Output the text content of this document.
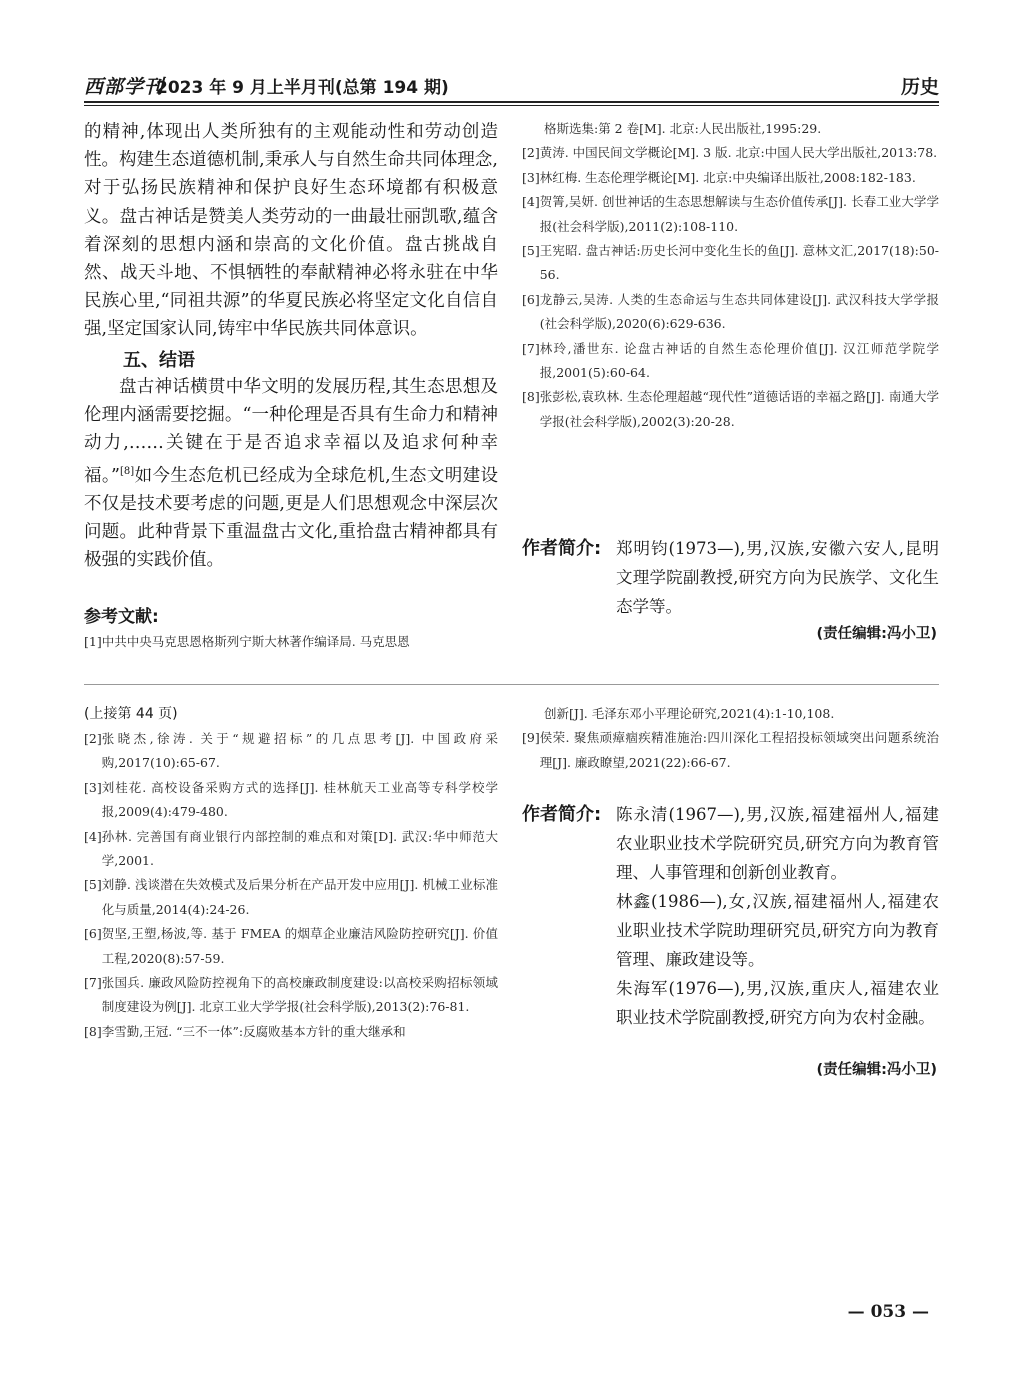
西部学刊
2023 年 9 月上半月刊(总第 194 期)	历史

的精神,体现出人类所独有的主观能动性和劳动创造性。构建生态道德机制,秉承人与自然生命共同体理念,对于弘扬民族精神和保护良好生态环境都有积极意义。盘古神话是赞美人类劳动的一曲最壮丽凯歌,蕴含着深刻的思想内涵和崇高的文化价值。盘古挑战自然、战天斗地、不惧牺牲的奉献精神必将永驻在中华民族心里,“同祖共源”的华夏民族必将坚定文化自信自强,坚定国家认同,铸牢中华民族共同体意识。

五、结语

盘古神话横贯中华文明的发展历程,其生态思想及伦理内涵需要挖掘。“一种伦理是否具有生命力和精神动力,……关键在于是否追求幸福以及追求何种幸福。”[8]如今生态危机已经成为全球危机,生态文明建设不仅是技术要考虑的问题,更是人们思想观念中深层次问题。此种背景下重温盘古文化,重拾盘古精神都具有极强的实践价值。

参考文献:
[1] 中共中央马克思恩格斯列宁斯大林著作编译局. 马克思恩
格斯选集:第 2 卷[M]. 北京:人民出版社,1995:29.
[2] 黄涛. 中国民间文学概论[M]. 3 版. 北京:中国人民大学出版社,2013:78.
[3] 林红梅. 生态伦理学概论[M]. 北京:中央编译出版社,2008:182-183.
[4] 贺箐,吴妍. 创世神话的生态思想解读与生态价值传承[J]. 长春工业大学学报(社会科学版),2011(2):108-110.
[5] 王宪昭. 盘古神话:历史长河中变化生长的鱼[J]. 意林文汇,2017(18):50-56.
[6] 龙静云,吴涛. 人类的生态命运与生态共同体建设[J]. 武汉科技大学学报(社会科学版),2020(6):629-636.
[7] 林玲,潘世东. 论盘古神话的自然生态伦理价值[J]. 汉江师范学院学报,2001(5):60-64.
[8] 张彭松,袁玖林. 生态伦理超越“现代性”道德话语的幸福之路[J]. 南通大学学报(社会科学版),2002(3):20-28.
作者简介: 郑明钧(1973—),男,汉族,安徽六安人,昆明文理学院副教授,研究方向为民族学、文化生态学等。

(责任编辑:冯小卫)
(上接第 44 页)
[2] 张晓杰,徐涛. 关于“规避招标”的几点思考[J]. 中国政府采购,2017(10):65-67.
[3] 刘桂花. 高校设备采购方式的选择[J]. 桂林航天工业高等专科学校学报,2009(4):479-480.
[4] 孙林. 完善国有商业银行内部控制的难点和对策[D]. 武汉:华中师范大学,2001.
[5] 刘静. 浅谈潜在失效模式及后果分析在产品开发中应用[J]. 机械工业标准化与质量,2014(4):24-26.
[6] 贺坚,王塑,杨波,等. 基于 FMEA 的烟草企业廉洁风险防控研究[J]. 价值工程,2020(8):57-59.
[7] 张国兵. 廉政风险防控视角下的高校廉政制度建设:以高校采购招标领域制度建设为例[J]. 北京工业大学学报(社会科学版),2013(2):76-81.
[8] 李雪勤,王冠. “三不一体”:反腐败基本方针的重大继承和
创新[J]. 毛泽东邓小平理论研究,2021(4):1-10,108.
[9] 侯荣. 聚焦顽瘴痼疾精准施治:四川深化工程招投标领域突出问题系统治理[J]. 廉政瞭望,2021(22):66-67.
作者简介: 陈永清(1967—),男,汉族,福建福州人,福建农业职业技术学院研究员,研究方向为教育管理、人事管理和创新创业教育。

林鑫(1986—),女,汉族,福建福州人,福建农业职业技术学院助理研究员,研究方向为教育管理、廉政建设等。

朱海军(1976—),男,汉族,重庆人,福建农业职业技术学院副教授,研究方向为农村金融。

(责任编辑:冯小卫)
— 053 —
